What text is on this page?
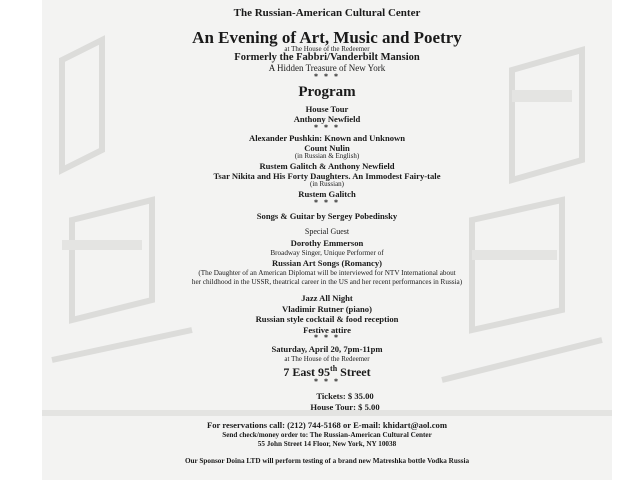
The Russian-American Cultural Center
An Evening of Art, Music and Poetry
at The House of the Redeemer
Formerly the Fabbri/Vanderbilt Mansion
A Hidden Treasure of New York
* * *
Program
House Tour
Anthony Newfield
* * *
Alexander Pushkin: Known and Unknown
Count Nulin
(in Russian & English)
Rustem Galitch & Anthony Newfield
Tsar Nikita and His Forty Daughters. An Immodest Fairy-tale
(in Russian)
Rustem Galitch
* * *
Songs & Guitar by Sergey Pobedinsky
Special Guest
Dorothy Emmerson
Broadway Singer, Unique Performer of
Russian Art Songs (Romancy)
(The Daughter of an American Diplomat will be interviewed for NTV International about
her childhood in the USSR, theatrical career in the US and her recent performances in Russia)
Jazz All Night
Vladimir Rutner (piano)
Russian style cocktail & food reception
Festive attire
* * *
Saturday, April 20, 7pm-11pm
at The House of the Redeemer
7 East 95th Street
* * *
Tickets: $ 35.00
House Tour: $ 5.00
For reservations call: (212) 744-5168 or E-mail: khidart@aol.com
Send check/money order to: The Russian-American Cultural Center
55 John Street 14 Floor, New York, NY 10038
Our Sponsor Doina LTD will perform testing of a brand new Matreshka bottle Vodka Russia
